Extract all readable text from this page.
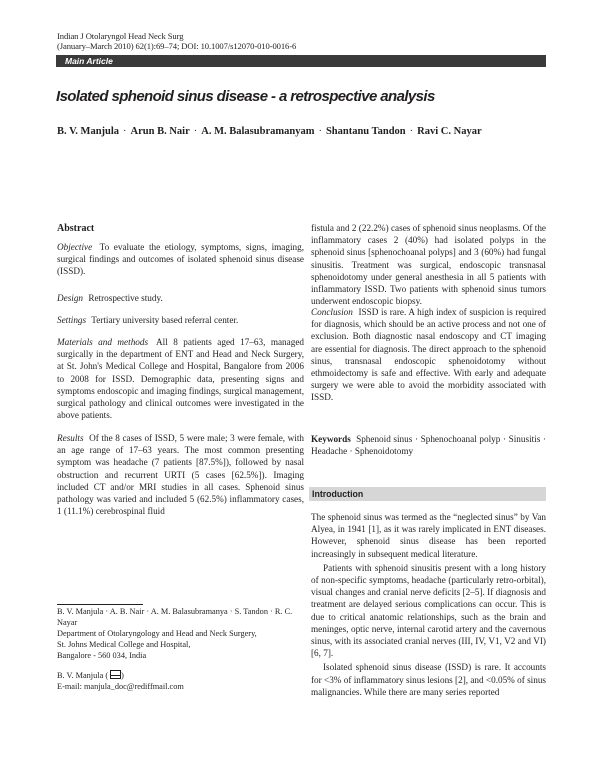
Indian J Otolaryngol Head Neck Surg
(January–March 2010) 62(1):69–74; DOI: 10.1007/s12070-010-0016-6
Main Article
Isolated sphenoid sinus disease - a retrospective analysis
B. V. Manjula · Arun B. Nair · A. M. Balasubramanyam · Shantanu Tandon · Ravi C. Nayar
Abstract

Objective To evaluate the etiology, symptoms, signs, imaging, surgical findings and outcomes of isolated sphenoid sinus disease (ISSD).

Design Retrospective study.

Settings Tertiary university based referral center.

Materials and methods All 8 patients aged 17–63, managed surgically in the department of ENT and Head and Neck Surgery, at St. John's Medical College and Hospital, Bangalore from 2006 to 2008 for ISSD. Demographic data, presenting signs and symptoms endoscopic and imaging findings, surgical management, surgical pathology and clinical outcomes were investigated in the above patients.

Results Of the 8 cases of ISSD, 5 were male; 3 were female, with an age range of 17–63 years. The most common presenting symptom was headache (7 patients [87.5%]), followed by nasal obstruction and recurrent URTI (5 cases [62.5%]). Imaging included CT and/or MRI studies in all cases. Sphenoid sinus pathology was varied and included 5 (62.5%) inflammatory cases, 1 (11.1%) cerebrospinal fluid

B. V. Manjula · A. B. Nair · A. M. Balasubramanya · S. Tandon · R. C. Nayar

Department of Otolaryngology and Head and Neck Surgery,

St. Johns Medical College and Hospital,

Bangalore - 560 034, India

B. V. Manjula ( )

E-mail: manjula_doc@rediffmail.com

fistula and 2 (22.2%) cases of sphenoid sinus neoplasms. Of the inflammatory cases 2 (40%) had isolated polyps in the sphenoid sinus [sphenochoanal polyps] and 3 (60%) had fungal sinusitis. Treatment was surgical, endoscopic transnasal sphenoidotomy under general anesthesia in all 5 patients with inflammatory ISSD. Two patients with sphenoid sinus tumors underwent endoscopic biopsy.

Conclusion ISSD is rare. A high index of suspicion is required for diagnosis, which should be an active process and not one of exclusion. Both diagnostic nasal endoscopy and CT imaging are essential for diagnosis. The direct approach to the sphenoid sinus, transnasal endoscopic sphenoidotomy without ethmoidectomy is safe and effective. With early and adequate surgery we were able to avoid the morbidity associated with ISSD.

Keywords Sphenoid sinus · Sphenochoanal polyp · Sinusitis · Headache · Sphenoidotomy

Introduction

The sphenoid sinus was termed as the “neglected sinus” by Van Alyea, in 1941 [1], as it was rarely implicated in ENT diseases. However, sphenoid sinus disease has been reported increasingly in subsequent medical literature.

Patients with sphenoid sinusitis present with a long history of non-specific symptoms, headache (particularly retro-orbital), visual changes and cranial nerve deficits [2–5]. If diagnosis and treatment are delayed serious complications can occur. This is due to critical anatomic relationships, such as the brain and meninges, optic nerve, internal carotid artery and the cavernous sinus, with its associated cranial nerves (III, IV, V1, V2 and VI) [6, 7].

Isolated sphenoid sinus disease (ISSD) is rare. It accounts for <3% of inflammatory sinus lesions [2], and <0.05% of sinus malignancies. While there are many series reported
